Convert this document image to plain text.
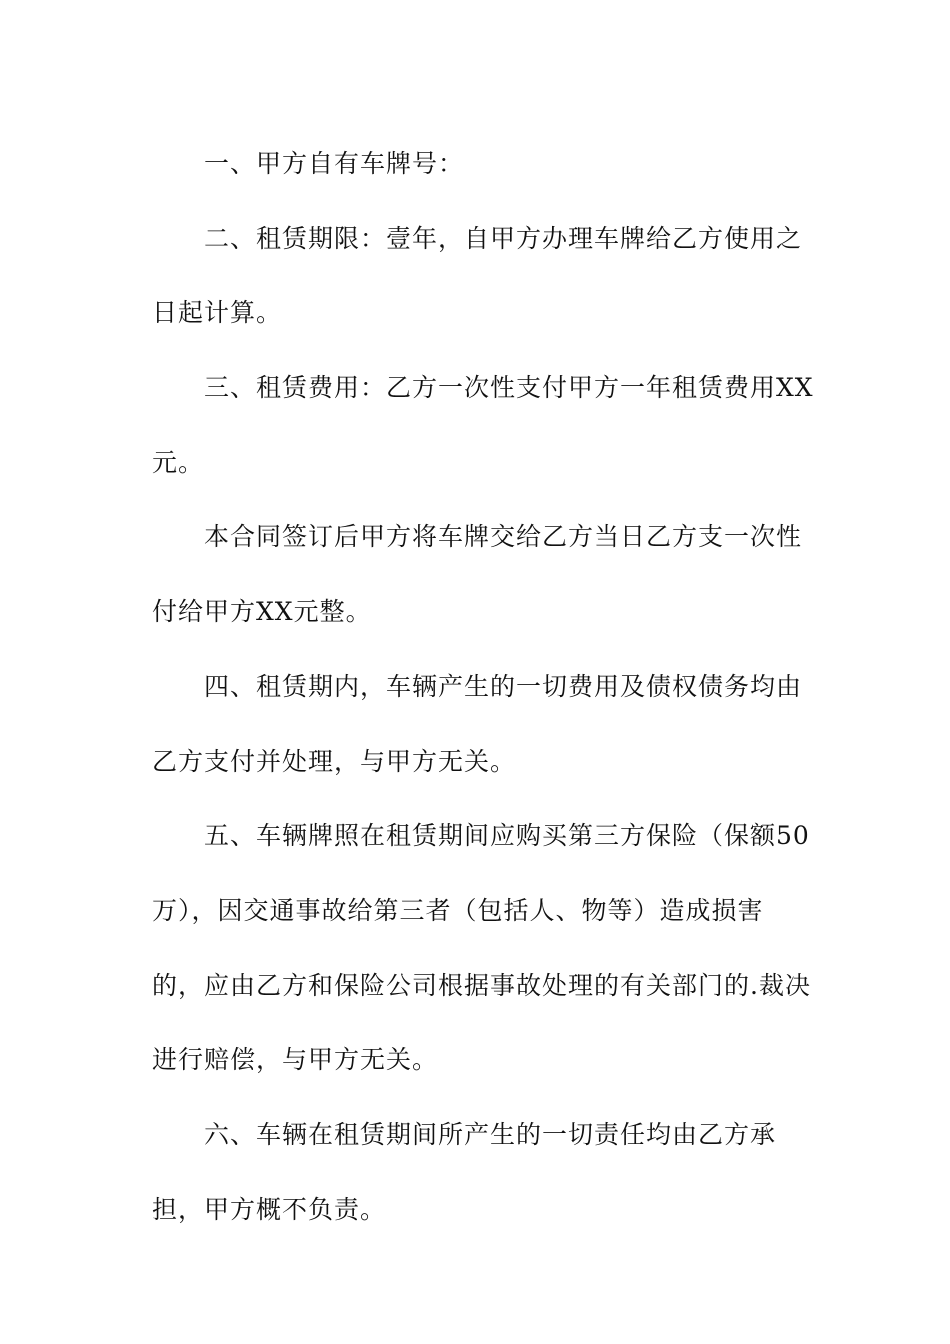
一、甲方自有车牌号：
二、租赁期限：壹年，自甲方办理车牌给乙方使用之
日起计算。
三、租赁费用：乙方一次性支付甲方一年租赁费用XX
元。
本合同签订后甲方将车牌交给乙方当日乙方支一次性
付给甲方XX元整。
四、租赁期内，车辆产生的一切费用及债权债务均由
乙方支付并处理，与甲方无关。
五、车辆牌照在租赁期间应购买第三方保险（保额50
万），因交通事故给第三者（包括人、物等）造成损害
的，应由乙方和保险公司根据事故处理的有关部门的.裁决
进行赔偿，与甲方无关。
六、车辆在租赁期间所产生的一切责任均由乙方承
担，甲方概不负责。
